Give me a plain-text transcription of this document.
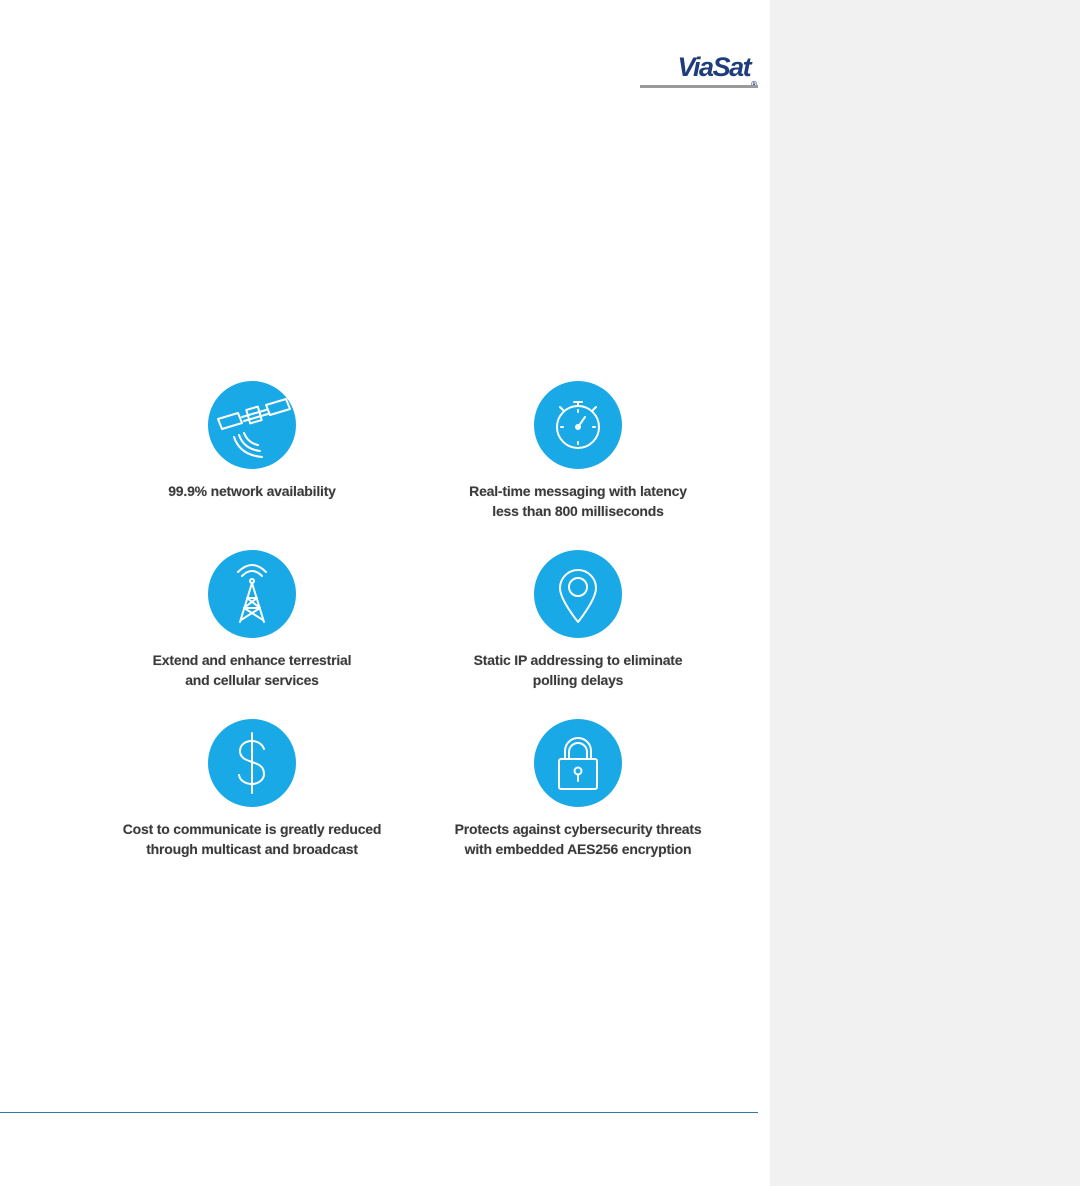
ViaSat
99.9% network availability	Real-time messaging with latency
less than 800 milliseconds
Extend and enhance terrestrial
and cellular services
Static IP addressing to eliminate
polling delays
Cost to communicate is greatly reduced
through multicast and broadcast
Protects against cybersecurity threats
with embedded AES256 encryption
